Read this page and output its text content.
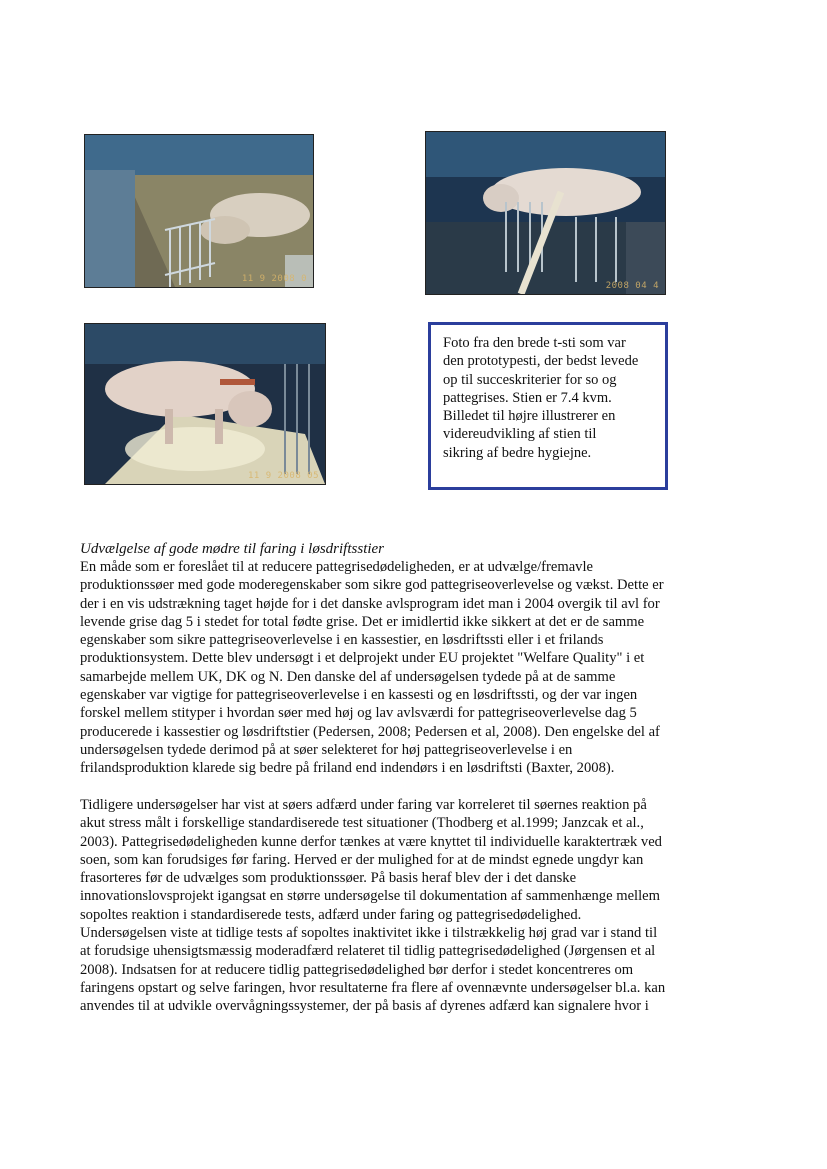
11 9 2008 0
2008 04 4
11 9 2008 05
Foto fra den brede t-sti som var
den prototypesti, der bedst levede
op til succeskriterier for so og
pattegrises. Stien er 7.4 kvm.
Billedet til højre illustrerer en
videreudvikling af stien til
sikring af bedre hygiejne.
Udvælgelse af gode mødre til faring i løsdriftsstier
En måde som er foreslået til at reducere pattegrisedødeligheden, er at udvælge/fremavle
produktionssøer med gode moderegenskaber som sikre god pattegriseoverlevelse og vækst. Dette er
der i en vis udstrækning taget højde for i det danske avlsprogram idet man i 2004 overgik til avl for
levende grise dag 5 i stedet for total fødte grise. Det er imidlertid ikke sikkert at det er de samme
egenskaber som sikre pattegriseoverlevelse i en kassestier, en løsdriftssti eller i et frilands
produktionsystem. Dette blev undersøgt i et delprojekt under EU projektet "Welfare Quality" i et
samarbejde mellem UK, DK og N. Den danske del af undersøgelsen tydede på at de samme
egenskaber var vigtige for pattegriseoverlevelse i en kassesti og en løsdriftssti, og der var ingen
forskel mellem stityper i hvordan søer med høj og lav avlsværdi for pattegriseoverlevelse dag 5
producerede i kassestier og løsdriftstier (Pedersen, 2008; Pedersen et al, 2008). Den engelske del af
undersøgelsen tydede derimod på at søer selekteret for høj pattegriseoverlevelse i en
frilandsproduktion klarede sig bedre på friland end indendørs i en løsdriftsti (Baxter, 2008).
Tidligere undersøgelser har vist at søers adfærd under faring var korreleret til søernes reaktion på
akut stress målt i forskellige standardiserede test situationer (Thodberg et al.1999; Janzcak et al.,
2003). Pattegrisedødeligheden kunne derfor tænkes at være knyttet til individuelle karaktertræk ved
soen, som kan forudsiges før faring. Herved er der mulighed for at de mindst egnede ungdyr kan
frasorteres før de udvælges som produktionssøer. På basis heraf blev der i det danske
innovationslovsprojekt igangsat en større undersøgelse til dokumentation af sammenhænge mellem
sopoltes reaktion i standardiserede tests, adfærd under faring og pattegrisedødelighed.
Undersøgelsen viste at tidlige tests af sopoltes inaktivitet ikke i tilstrækkelig høj grad var i stand til
at forudsige uhensigtsmæssig moderadfærd relateret til tidlig pattegrisedødelighed (Jørgensen et al
2008). Indsatsen for at reducere tidlig pattegrisedødelighed bør derfor i stedet koncentreres om
faringens opstart og selve faringen, hvor resultaterne fra flere af ovennævnte undersøgelser bl.a. kan
anvendes til at udvikle overvågningssystemer, der på basis af dyrenes adfærd kan signalere hvor i
